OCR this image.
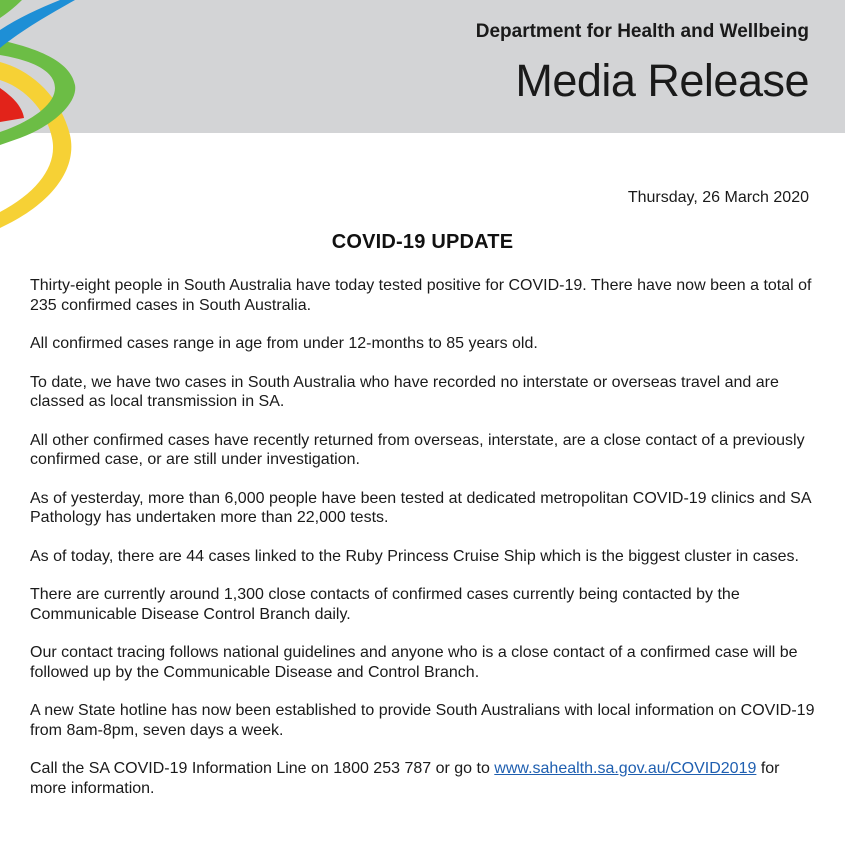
Department for Health and Wellbeing
Media Release
Thursday, 26 March 2020
COVID-19 UPDATE

Thirty-eight people in South Australia have today tested positive for COVID-19. There have now been a total of 235 confirmed cases in South Australia.

All confirmed cases range in age from under 12-months to 85 years old.

To date, we have two cases in South Australia who have recorded no interstate or overseas travel and are classed as local transmission in SA.

All other confirmed cases have recently returned from overseas, interstate, are a close contact of a previously confirmed case, or are still under investigation.

As of yesterday, more than 6,000 people have been tested at dedicated metropolitan COVID-19 clinics and SA Pathology has undertaken more than 22,000 tests.

As of today, there are 44 cases linked to the Ruby Princess Cruise Ship which is the biggest cluster in cases.

There are currently around 1,300 close contacts of confirmed cases currently being contacted by the Communicable Disease Control Branch daily.

Our contact tracing follows national guidelines and anyone who is a close contact of a confirmed case will be followed up by the Communicable Disease and Control Branch.

A new State hotline has now been established to provide South Australians with local information on COVID-19 from 8am-8pm, seven days a week.

Call the SA COVID-19 Information Line on 1800 253 787 or go to www.sahealth.sa.gov.au/COVID2019 for more information.
